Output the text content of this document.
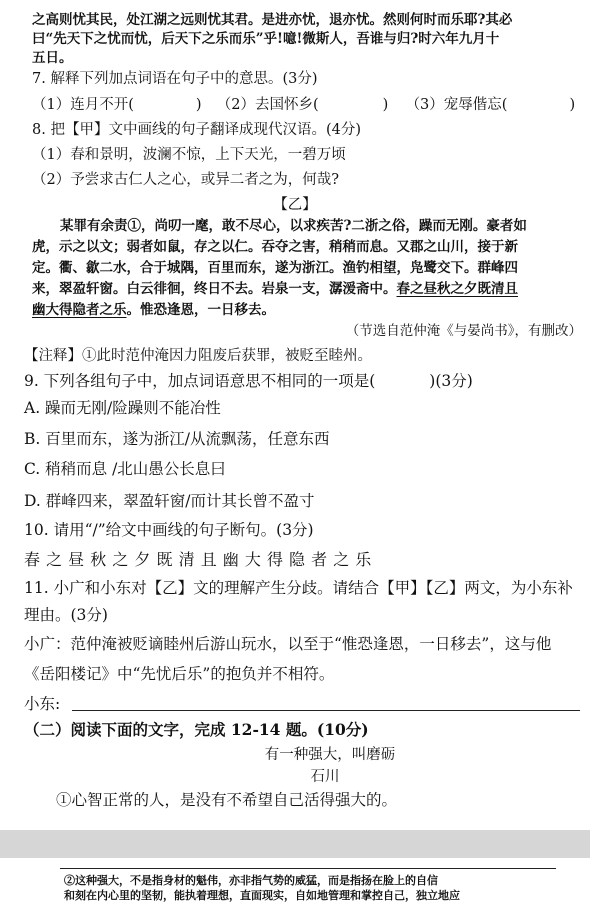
之高则忧其民，处江湖之远则忧其君。是进亦忧，退亦忧。然则何时而乐耶?其必
曰“先天下之忧而忧，后天下之乐而乐”乎!噫!微斯人，吾谁与归?时六年九月十
五日。
7. 解释下列加点词语在句子中的意思。(3分)
（1）连月不开(	) （2）去国怀乡(	) （3）宠辱偕忘(	)
8. 把【甲】文中画线的句子翻译成现代汉语。(4分)
（1）春和景明，波澜不惊，上下天光，一碧万顷
（2）予尝求古仁人之心，或异二者之为，何哉?
【乙】
某罪有余责①，尚叨一麾，敢不尽心，以求疾苦?二浙之俗，躁而无刚。豪者如
虎，示之以文；弱者如鼠，存之以仁。吞夺之害，稍稍而息。又郡之山川，接于新
定。衢、歙二水，合于城隅，百里而东，遂为浙江。渔钓相望，凫鹭交下。群峰四
来，翠盈轩窗。白云徘徊，终日不去。岩泉一支，潺湲斋中。春之昼秋之夕既清且
幽大得隐者之乐。惟恐逢恩，一日移去。
（节选自范仲淹《与晏尚书》，有删改）
【注释】①此时范仲淹因力阻废后获罪，被贬至睦州。
9. 下列各组句子中，加点词语意思不相同的一项是(	)(3分)
A. 躁而无刚/险躁则不能冶性
B. 百里而东，遂为浙江/从流飘荡，任意东西
C. 稍稍而息 /北山愚公长息曰
D. 群峰四来，翠盈轩窗/而计其长曾不盈寸
10. 请用“/”给文中画线的句子断句。(3分)
春 之 昼 秋 之 夕 既 清 且 幽 大 得 隐 者 之 乐
11. 小广和小东对【乙】文的理解产生分歧。请结合【甲】【乙】两文，为小东补
理由。(3分)
小广：范仲淹被贬谪睦州后游山玩水，以至于“惟恐逢恩，一日移去”，这与他
《岳阳楼记》中“先忧后乐”的抱负并不相符。
小东:
（二）阅读下面的文字，完成 12-14 题。(10分)
有一种强大，叫磨砺
石川
①心智正常的人，是没有不希望自己活得强大的。
②这种强大，不是指身材的魁伟，亦非指气势的威猛，而是指扬在脸上的自信
和刻在内心里的坚韧，能执着理想，直面现实，自如地管理和掌控自己，独立地应
